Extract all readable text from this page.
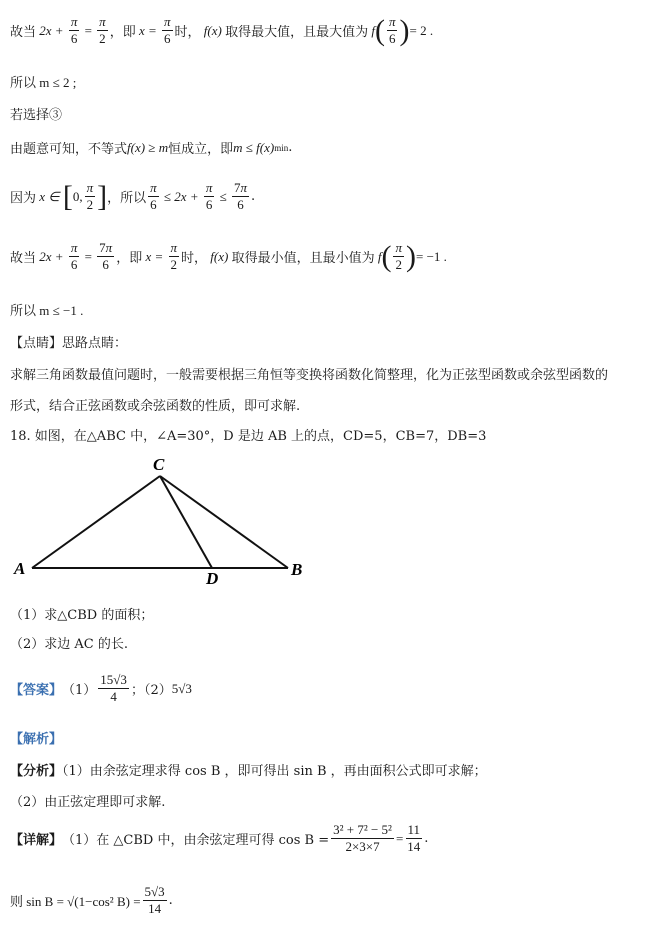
故当 $2x + \frac{\pi}{6} = \frac{\pi}{2}$ ，即 $x = \frac{\pi}{6}$ 时， f(x) 取得最大值，且最大值为 f ( $\frac{\pi}{6}$ ) = 2 .
所以 m ≤ 2 ;
若选择③
由题意可知，不等式 f(x) ≥ m 恒成立，即 m ≤ f(x) min .
因为 x ∈ [ 0, $\frac{\pi}{2}$ ] ，所以 $\frac{\pi}{6} \le 2x + \frac{\pi}{6} \le \frac{7\pi}{6}$ .
故当 $2x + \frac{\pi}{6} = \frac{7\pi}{6}$ ，即 $x = \frac{\pi}{2}$ 时， f(x) 取得最小值，且最小值为 f ( $\frac{\pi}{2}$ ) = −1 .
所以 m ≤ −1 .
【点睛】思路点睛：
求解三角函数最值问题时，一般需要根据三角恒等变换将函数化简整理，化为正弦型函数或余弦型函数的
形式，结合正弦函数或余弦函数的性质，即可求解.
18. 如图，在△ABC 中，∠A=30°，D 是边 AB 上的点，CD=5，CB=7，DB=3
C
A
D	B
（1）求△CBD 的面积；
（2）求边 AC 的长.
【答案】 $(1) \frac{15√3}{4}$ ；（2） 5√3
【解析】
【分析】（1）由余弦定理求得 cos B ，即可得出 sin B ，再由面积公式即可求解；
（2）由正弦定理即可求解.
【详解】 （1）在 △CBD 中，由余弦定理可得 $\cos B = \frac{\text{3² + 7² − 5²}}{2\times 3\times 7} = \frac{11}{14}$ .
则 sin B = √(1−cos² $B) = \frac{5√3}{14}$ .
